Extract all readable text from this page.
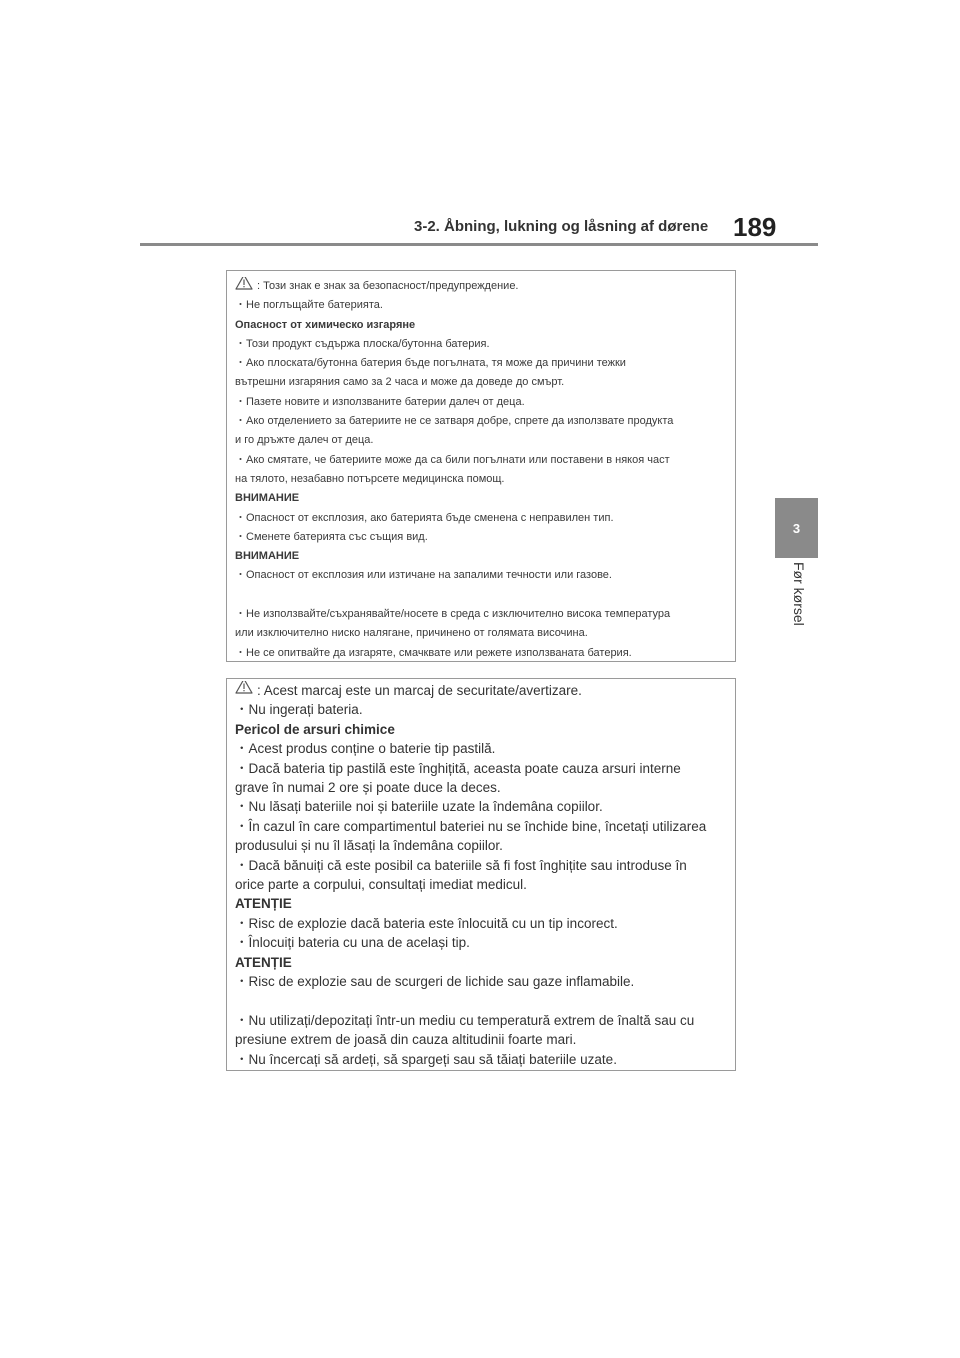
3-2. Åbning, lukning og låsning af dørene 189
3
Før kørsel
: Този знак е знак за безопасност/предупреждение.
・Не поглъщайте батерията.
Опасност от химическо изгаряне
・Този продукт съдържа плоска/бутонна батерия.
・Ако плоската/бутонна батерия бъде погълната, тя може да причини тежки
вътрешни изгаряния само за 2 часа и може да доведе до смърт.
・Пазете новите и използваните батерии далеч от деца.
・Ако отделението за батериите не се затваря добре, спрете да използвате продукта
и го дръжте далеч от деца.
・Ако смятате, че батериите може да са били погълнати или поставени в някоя част
на тялото, незабавно потърсете медицинска помощ.
ВНИМАНИЕ
・Опасност от експлозия, ако батерията бъде сменена с неправилен тип.
・Сменете батерията със същия вид.
ВНИМАНИЕ
・Опасност от експлозия или изтичане на запалими течности или газове.
・Не използвайте/съхранявайте/носете в среда с изключително висока температура
или изключително ниско налягане, причинено от голямата височина.
・Не се опитвайте да изгаряте, смачквате или режете използваната батерия.
: Acest marcaj este un marcaj de securitate/avertizare.
・Nu ingerați bateria.
Pericol de arsuri chimice
・Acest produs conține o baterie tip pastilă.
・Dacă bateria tip pastilă este înghițită, aceasta poate cauza arsuri interne
grave în numai 2 ore și poate duce la deces.
・Nu lăsați bateriile noi și bateriile uzate la îndemâna copiilor.
・În cazul în care compartimentul bateriei nu se închide bine, încetați utilizarea
produsului și nu îl lăsați la îndemâna copiilor.
・Dacă bănuiți că este posibil ca bateriile să fi fost înghițite sau introduse în
orice parte a corpului, consultați imediat medicul.
ATENȚIE
・Risc de explozie dacă bateria este înlocuită cu un tip incorect.
・Înlocuiți bateria cu una de același tip.
ATENȚIE
・Risc de explozie sau de scurgeri de lichide sau gaze inflamabile.
・Nu utilizați/depozitați într-un mediu cu temperatură extrem de înaltă sau cu
presiune extrem de joasă din cauza altitudinii foarte mari.
・Nu încercați să ardeți, să spargeți sau să tăiați bateriile uzate.
